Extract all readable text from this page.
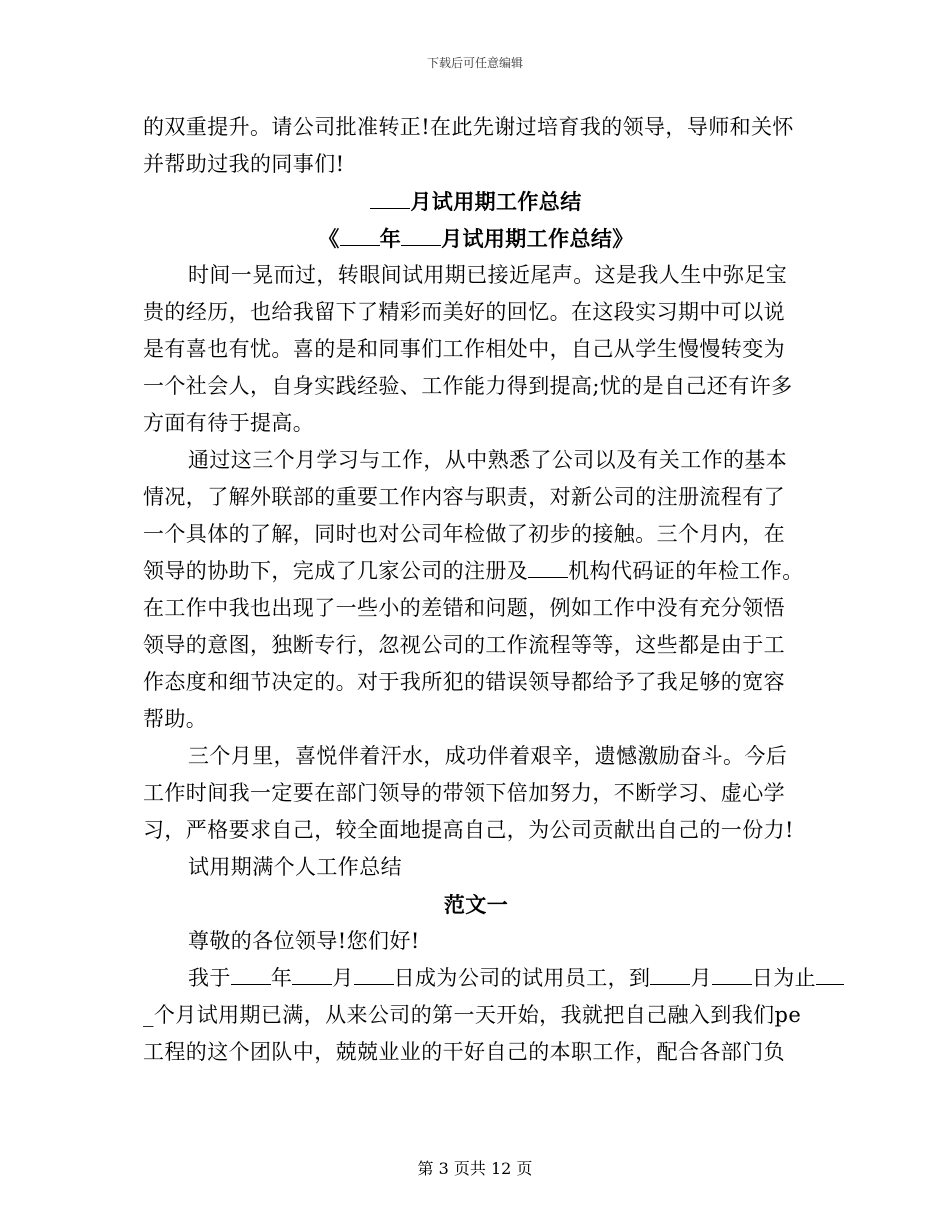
下载后可任意编辑
的双重提升。请公司批准转正!在此先谢过培育我的领导，导师和关怀
并帮助过我的同事们!
月试用期工作总结
《 年 月试用期工作总结》
时间一晃而过，转眼间试用期已接近尾声。这是我人生中弥足宝
贵的经历，也给我留下了精彩而美好的回忆。在这段实习期中可以说
是有喜也有忧。喜的是和同事们工作相处中，自己从学生慢慢转变为
一个社会人，自身实践经验、工作能力得到提高;忧的是自己还有许多
方面有待于提高。
通过这三个月学习与工作，从中熟悉了公司以及有关工作的基本
情况，了解外联部的重要工作内容与职责，对新公司的注册流程有了
一个具体的了解，同时也对公司年检做了初步的接触。三个月内，在
领导的协助下，完成了几家公司的注册及 机构代码证的年检工作。
在工作中我也出现了一些小的差错和问题，例如工作中没有充分领悟
领导的意图，独断专行，忽视公司的工作流程等等，这些都是由于工
作态度和细节决定的。对于我所犯的错误领导都给予了我足够的宽容
帮助。
三个月里，喜悦伴着汗水，成功伴着艰辛，遗憾激励奋斗。今后
工作时间我一定要在部门领导的带领下倍加努力，不断学习、虚心学
习，严格要求自己，较全面地提高自己，为公司贡献出自己的一份力!
试用期满个人工作总结
范文一
尊敬的各位领导!您们好!
我于 年 月 日成为公司的试用员工，到 月 日为止
_个月试用期已满，从来公司的第一天开始，我就把自己融入到我们pe
工程的这个团队中，兢兢业业的干好自己的本职工作，配合各部门负
第 3 页共 12 页
